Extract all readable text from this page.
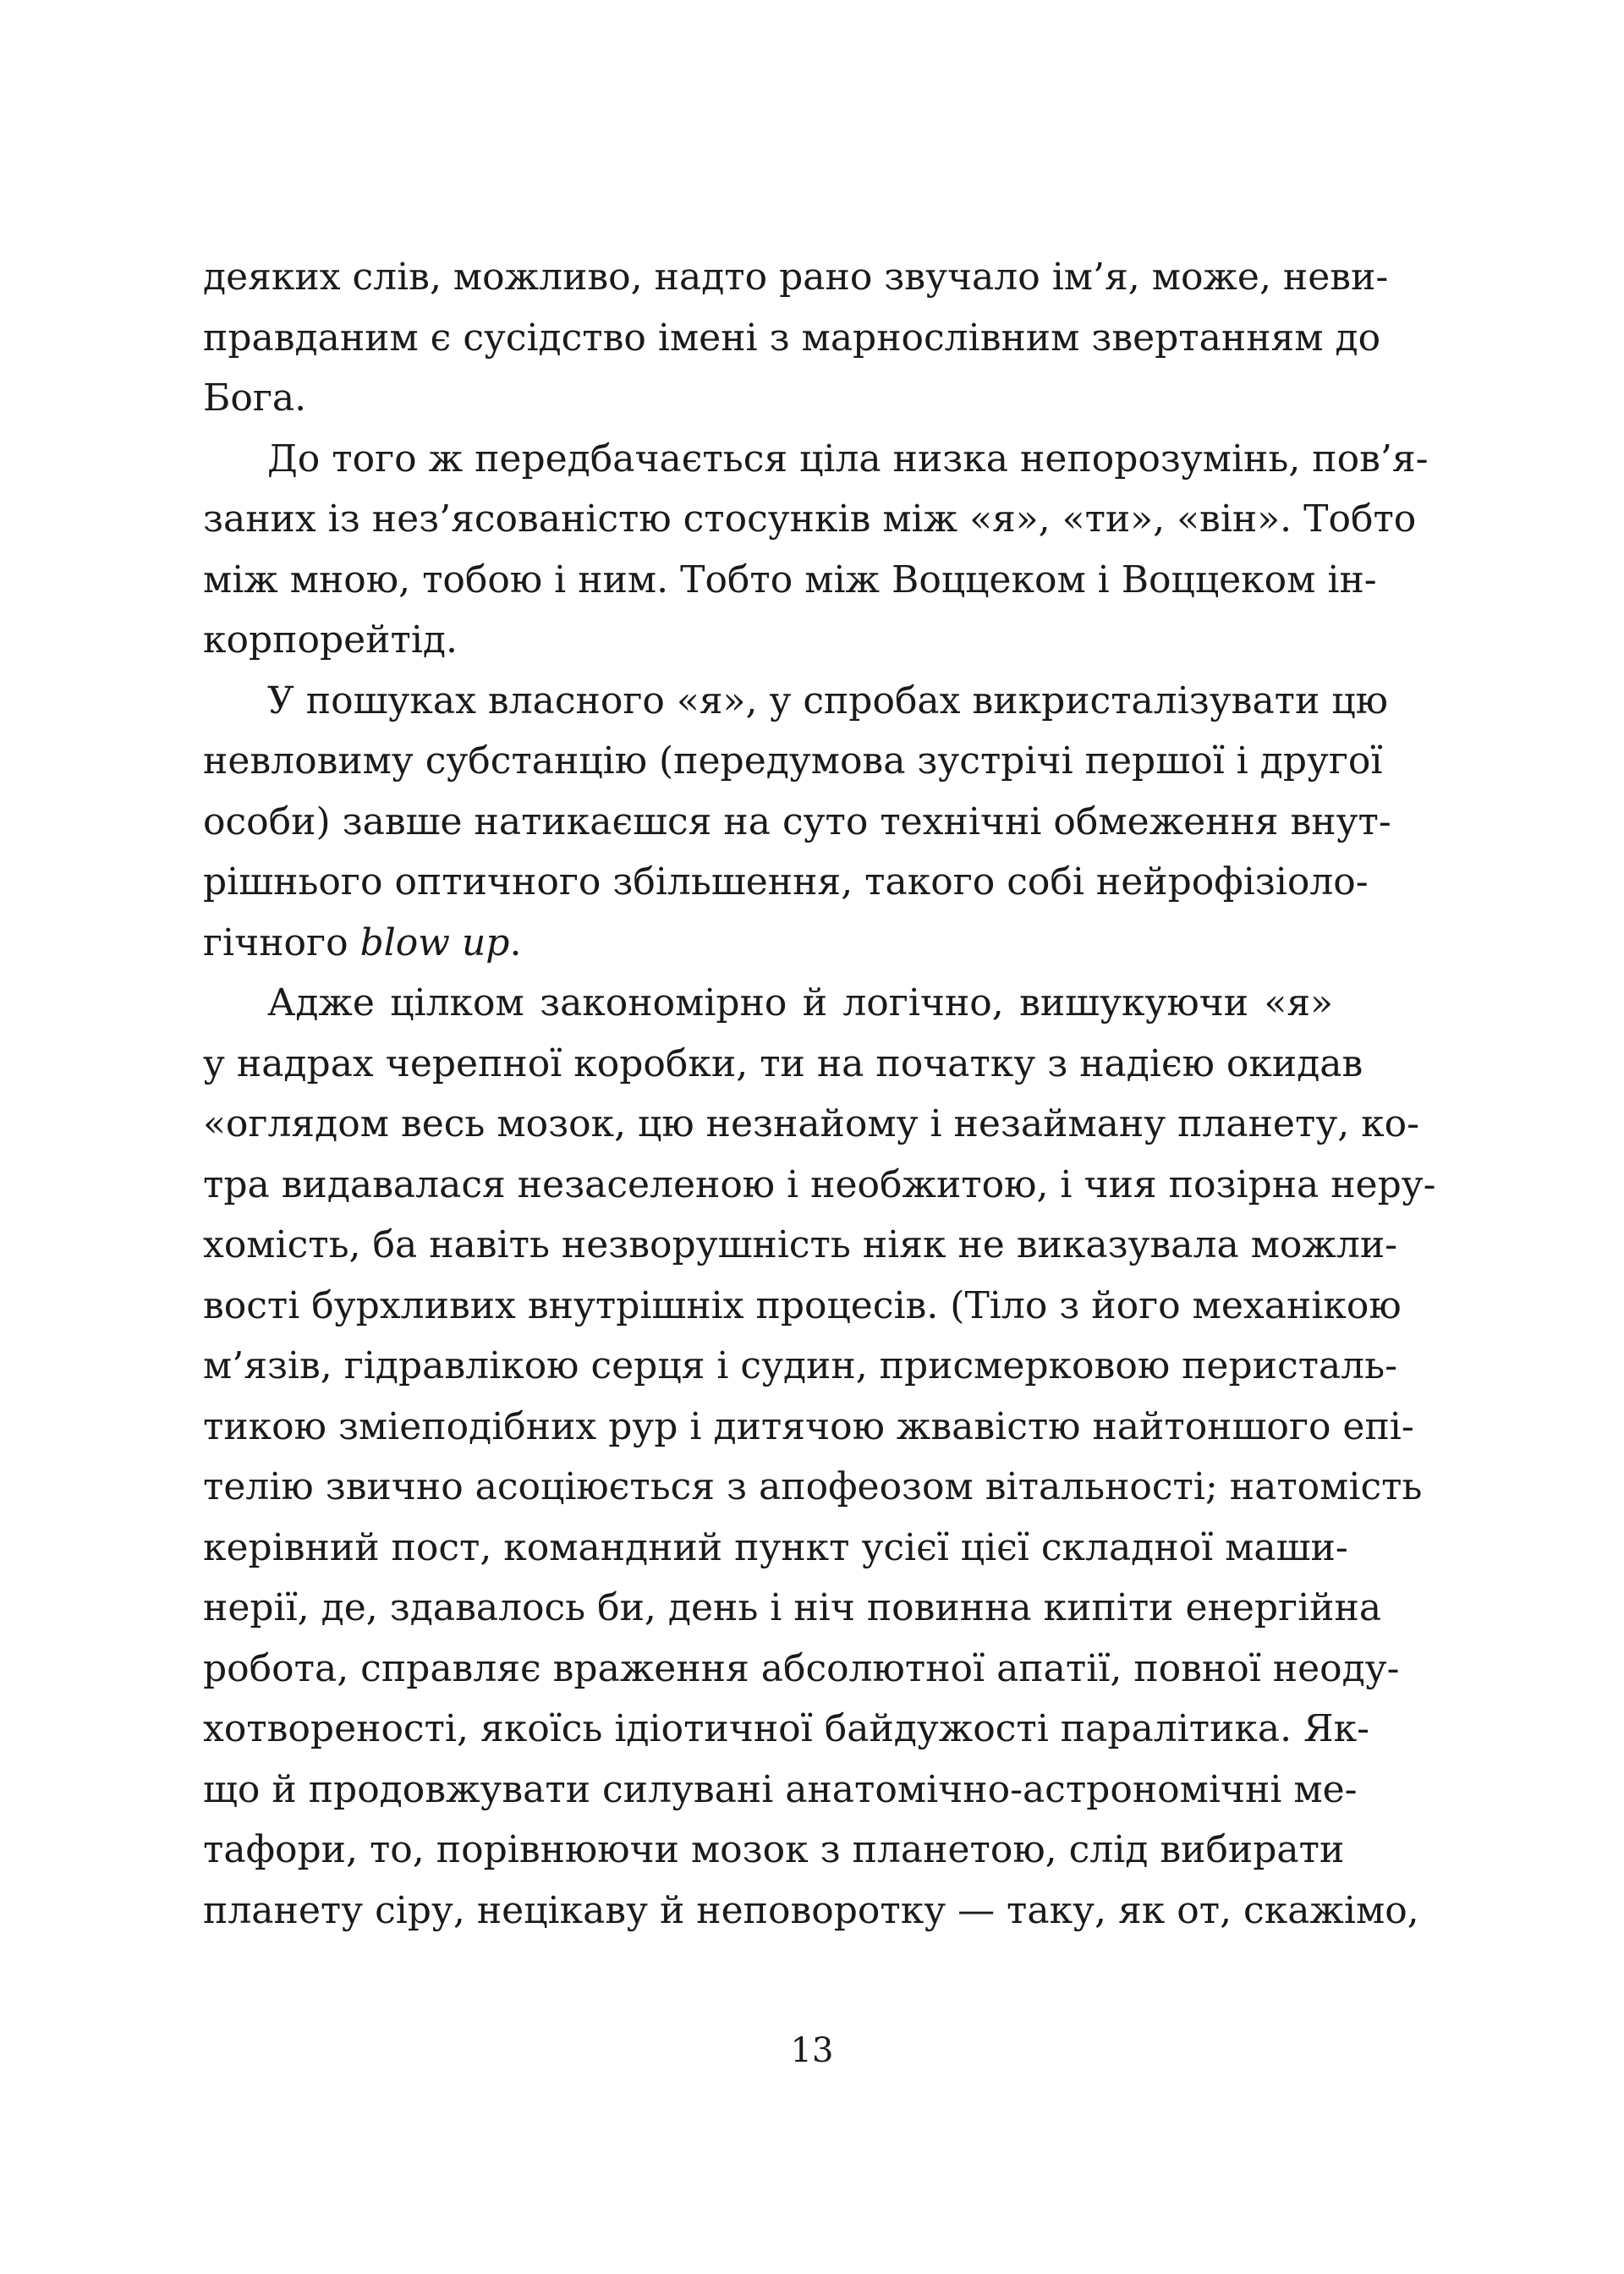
деяких слів, можливо, надто рано звучало ім’я, може, неви-
правданим є сусідство імені з марнослівним звертанням до
Бога.
До того ж передбачається ціла низка непорозумінь, пов’я-
заних із нез’ясованістю стосунків між «я», «ти», «він». Тобто
між мною, тобою і ним. Тобто між Воццеком і Воццеком ін-
корпорейтід.
У пошуках власного «я», у спробах викристалізувати цю
невловиму субстанцію (передумова зустрічі першої і другої
особи) завше натикаєшся на суто технічні обмеження внут-
рішнього оптичного збільшення, такого собі нейрофізіоло-
гічного blow up.
Адже цілком закономірно й логічно, вишукуючи «я»
у надрах черепної коробки, ти на початку з надією окидав
«оглядом весь мозок, цю незнайому і незайману планету, ко-
тра видавалася незаселеною і необжитою, і чия позірна неру-
хомість, ба навіть незворушність ніяк не виказувала можли-
вості бурхливих внутрішніх процесів. (Тіло з його механікою
м’язів, гідравлікою серця і судин, присмерковою перисталь-
тикою зміеподібних рур і дитячою жвавістю найтоншого епі-
телію звично асоціюється з апофеозом вітальності; натомість
керівний пост, командний пункт усієї цієї складної маши-
нерії, де, здавалось би, день і ніч повинна кипіти енергійна
робота, справляє враження абсолютної апатії, повної неоду-
хотвореності, якоїсь ідіотичної байдужості паралітика. Як-
що й продовжувати силувані анатомічно-астрономічні ме-
тафори, то, порівнюючи мозок з планетою, слід вибирати
планету сіру, нецікаву й неповоротку — таку, як от, скажімо,
13
